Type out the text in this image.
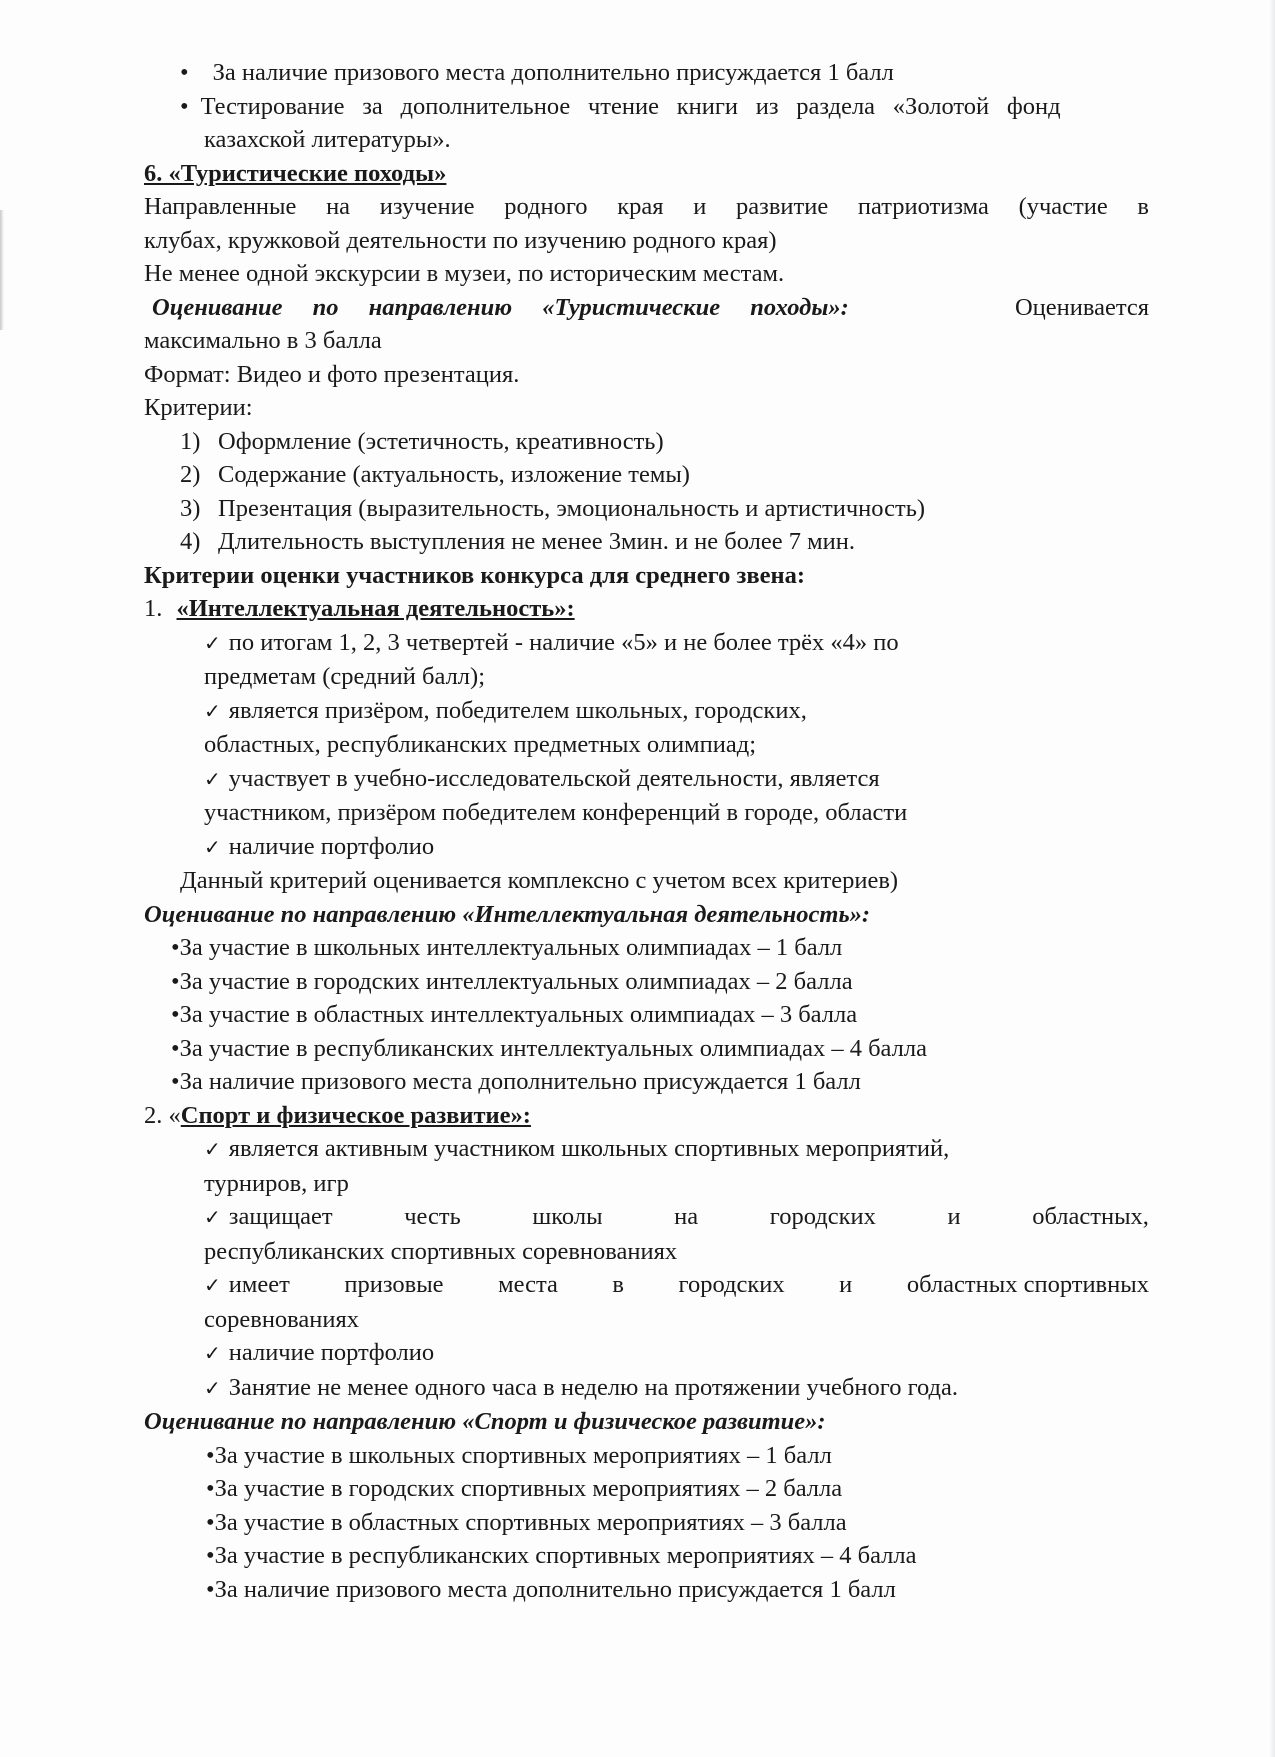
• За наличие призового места дополнительно присуждается 1 балл
• Тестирование за дополнительное чтение книги из раздела «Золотой фонд
казахской литературы».
6. «Туристические походы»
Направленные на изучение родного края и развитие патриотизма (участие в
клубах, кружковой деятельности по изучению родного края)
Не менее одной экскурсии в музеи, по историческим местам.
Оценивание по направлению «Туристические походы»:	Оценивается
максимально в 3 балла
Формат: Видео и фото презентация.
Критерии:
1) Оформление (эстетичность, креативность)
2) Содержание (актуальность, изложение темы)
3) Презентация (выразительность, эмоциональность и артистичность)
4) Длительность выступления не менее 3мин. и не более 7 мин.
Критерии оценки участников конкурса для среднего звена:
1. «Интеллектуальная деятельность»:
✓ по итогам 1, 2, 3 четвертей - наличие «5» и не более трёх «4» по
предметам (средний балл);
✓ является призёром, победителем школьных, городских,
областных, республиканских предметных олимпиад;
✓ участвует в учебно-исследовательской деятельности, является
участником, призёром победителем конференций в городе, области
✓ наличие портфолио
Данный критерий оценивается комплексно с учетом всех критериев)
Оценивание по направлению «Интеллектуальная деятельность»:
•За участие в школьных интеллектуальных олимпиадах – 1 балл
•За участие в городских интеллектуальных олимпиадах – 2 балла
•За участие в областных интеллектуальных олимпиадах – 3 балла
•За участие в республиканских интеллектуальных олимпиадах – 4 балла
•За наличие призового места дополнительно присуждается 1 балл
2. «Спорт и физическое развитие»:
✓ является активным участником школьных спортивных мероприятий,
турниров, игр
✓ защищает	честь	школы	на	городских	и	областных,
республиканских спортивных соревнованиях
✓ имеет призовые места в городских и областных спортивных
соревнованиях
✓ наличие портфолио
✓ Занятие не менее одного часа в неделю на протяжении учебного года.
Оценивание по направлению «Спорт и физическое развитие»:
•За участие в школьных спортивных мероприятиях – 1 балл
•За участие в городских спортивных мероприятиях – 2 балла
•За участие в областных спортивных мероприятиях – 3 балла
•За участие в республиканских спортивных мероприятиях – 4 балла
•За наличие призового места дополнительно присуждается 1 балл
